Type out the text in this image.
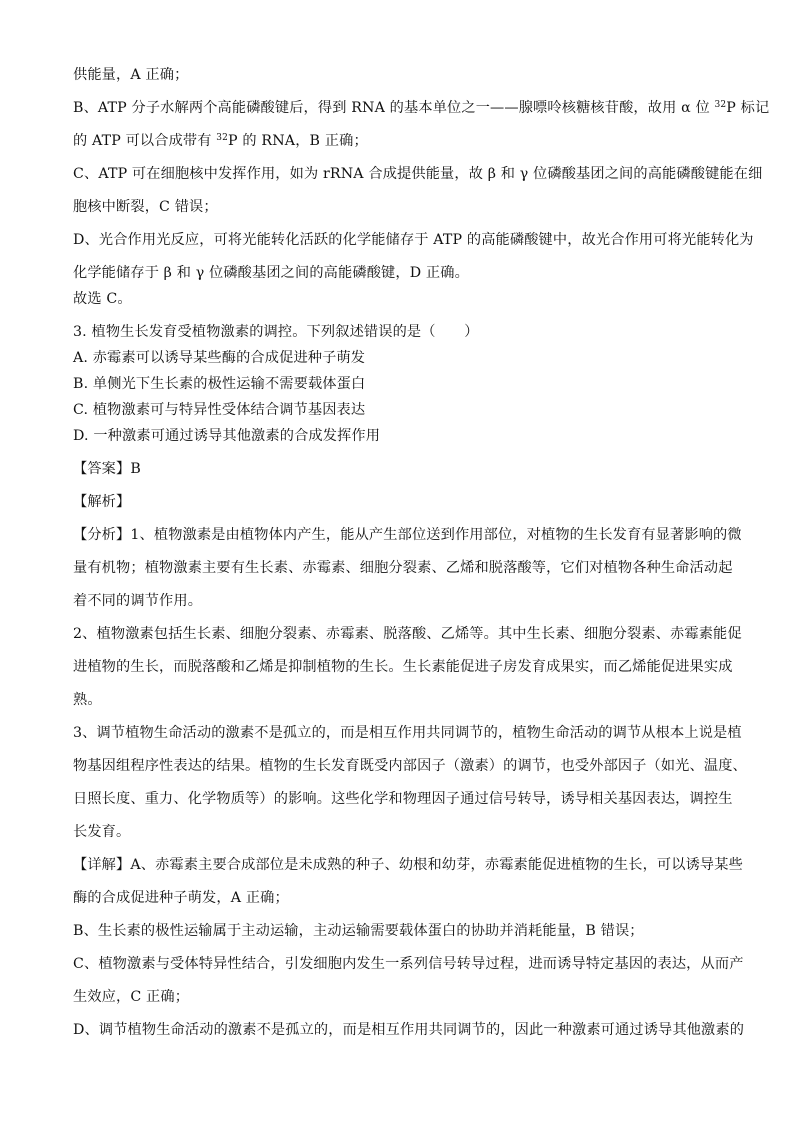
供能量，A 正确；
B、ATP 分子水解两个高能磷酸键后，得到 RNA 的基本单位之一——腺嘌呤核糖核苷酸，故用 α 位 $^{32}$P 标记
的 ATP 可以合成带有 $^{32}$P 的 RNA，B 正确；
C、ATP 可在细胞核中发挥作用，如为 rRNA 合成提供能量，故 β 和 γ 位磷酸基团之间的高能磷酸键能在细
胞核中断裂，C 错误；
D、光合作用光反应，可将光能转化活跃的化学能储存于 ATP 的高能磷酸键中，故光合作用可将光能转化为
化学能储存于 β 和 γ 位磷酸基团之间的高能磷酸键，D 正确。
故选 C。
3. 植物生长发育受植物激素的调控。下列叙述错误的是（　　）
A. 赤霉素可以诱导某些酶的合成促进种子萌发
B. 单侧光下生长素的极性运输不需要载体蛋白
C. 植物激素可与特异性受体结合调节基因表达
D. 一种激素可通过诱导其他激素的合成发挥作用
【答案】B
【解析】
【分析】1、植物激素是由植物体内产生，能从产生部位送到作用部位，对植物的生长发育有显著影响的微
量有机物；植物激素主要有生长素、赤霉素、细胞分裂素、乙烯和脱落酸等，它们对植物各种生命活动起
着不同的调节作用。
2、植物激素包括生长素、细胞分裂素、赤霉素、脱落酸、乙烯等。其中生长素、细胞分裂素、赤霉素能促
进植物的生长，而脱落酸和乙烯是抑制植物的生长。生长素能促进子房发育成果实，而乙烯能促进果实成
熟。
3、调节植物生命活动的激素不是孤立的，而是相互作用共同调节的，植物生命活动的调节从根本上说是植
物基因组程序性表达的结果。植物的生长发育既受内部因子（激素）的调节，也受外部因子（如光、温度、
日照长度、重力、化学物质等）的影响。这些化学和物理因子通过信号转导，诱导相关基因表达，调控生
长发育。
【详解】A、赤霉素主要合成部位是未成熟的种子、幼根和幼芽，赤霉素能促进植物的生长，可以诱导某些
酶的合成促进种子萌发，A 正确；
B、生长素的极性运输属于主动运输，主动运输需要载体蛋白的协助并消耗能量，B 错误；
C、植物激素与受体特异性结合，引发细胞内发生一系列信号转导过程，进而诱导特定基因的表达，从而产
生效应，C 正确；
D、调节植物生命活动的激素不是孤立的，而是相互作用共同调节的，因此一种激素可通过诱导其他激素的
